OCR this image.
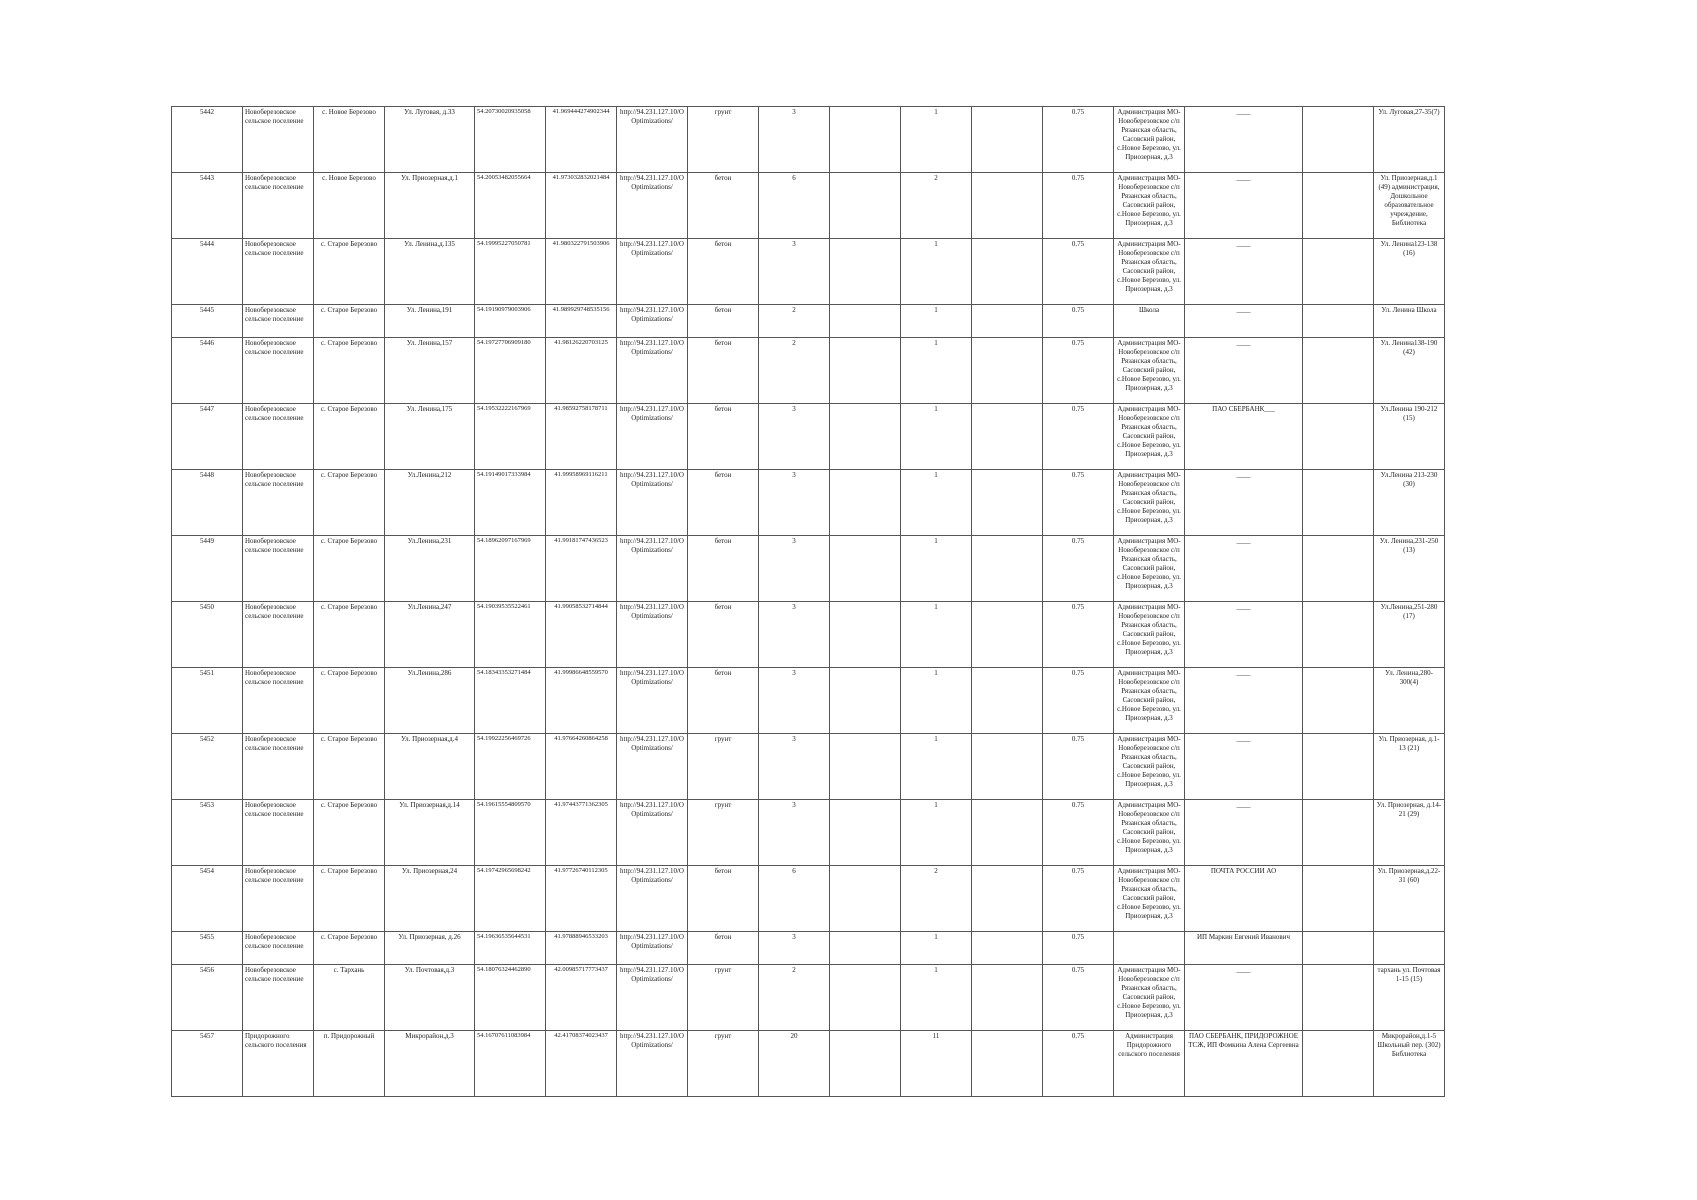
5442	Новоберезовское сельское поселение	с. Новое Березово	Ул. Луговая, д.33	54.20730020935058	41.969444274902344	http://94.231.127.10/OOptimizations/	грунт	3		1		0.75	Администрация МО-Новоберезовское с/п Рязанская область, Сасовский район, с.Новое Березово, ул. Приозерная, д.3	____		Ул. Луговая,27-35(7)
5443	Новоберезовское сельское поселение	с. Новое Березово	Ул. Приозерная,д.1	54.20053482055664	41.973032832021484	http://94.231.127.10/OOptimizations/	бетон	6		2		0.75	Администрация МО-Новоберезовское с/п Рязанская область, Сасовский район, с.Новое Березово, ул. Приозерная, д.3	____		Ул. Приозерная,д.1 (49) администрация, Дошкольное образовательное учреждение, Библиотека
5444	Новоберезовское сельское поселение	с. Старое Березово	Ул. Ленина,д.135	54.19995227050781	41.980322791503906	http://94.231.127.10/OOptimizations/	бетон	3		1		0.75	Администрация МО-Новоберезовское с/п Рязанская область, Сасовский район, с.Новое Березово, ул. Приозерная, д.3	____		Ул. Ленина123-138 (16)
5445	Новоберезовское сельское поселение	с. Старое Березово	Ул. Ленина,191	54.19190979003906	41.989929748535156	http://94.231.127.10/OOptimizations/	бетон	2		1		0.75	Школа	____		Ул. Ленина Школа
5446	Новоберезовское сельское поселение	с. Старое Березово	Ул. Ленина,157	54.19727706909180	41.98126220703125	http://94.231.127.10/OOptimizations/	бетон	2		1		0.75	Администрация МО-Новоберезовское с/п Рязанская область, Сасовский район, с.Новое Березово, ул. Приозерная, д.3	____		Ул. Ленина138-190 (42)
5447	Новоберезовское сельское поселение	с. Старое Березово	Ул. Ленина,175	54.19532222167969	41.98592758178711	http://94.231.127.10/OOptimizations/	бетон	3		1		0.75	Администрация МО-Новоберезовское с/п Рязанская область, Сасовский район, с.Новое Березово, ул. Приозерная, д.3	ПАО СБЕРБАНК___		Ул.Ленина 190-212 (15)
5448	Новоберезовское сельское поселение	с. Старое Березово	Ул.Ленина,212	54.19149017333984	41.99958969116211	http://94.231.127.10/OOptimizations/	бетон	3		1		0.75	Администрация МО-Новоберезовское с/п Рязанская область, Сасовский район, с.Новое Березово, ул. Приозерная, д.3	____		Ул.Ленина 213-230 (30)
5449	Новоберезовское сельское поселение	с. Старое Березово	Ул.Ленина,231	54.18962097167969	41.99181747436523	http://94.231.127.10/OOptimizations/	бетон	3		1		0.75	Администрация МО-Новоберезовское с/п Рязанская область, Сасовский район, с.Новое Березово, ул. Приозерная, д.3	____		Ул. Ленина,231-250 (13)
5450	Новоберезовское сельское поселение	с. Старое Березово	Ул.Ленина,247	54.19039535522461	41.99058532714844	http://94.231.127.10/OOptimizations/	бетон	3		1		0.75	Администрация МО-Новоберезовское с/п Рязанская область, Сасовский район, с.Новое Березово, ул. Приозерная, д.3	____		Ул.Ленина,251-280 (17)
5451	Новоберезовское сельское поселение	с. Старое Березово	Ул.Ленина,286	54.18343353271484	41.99986648559570	http://94.231.127.10/OOptimizations/	бетон	3		1		0.75	Администрация МО-Новоберезовское с/п Рязанская область, Сасовский район, с.Новое Березово, ул. Приозерная, д.3	____		Ул. Ленина,280-300(4)
5452	Новоберезовское сельское поселение	с. Старое Березово	Ул. Приозерная,д.4	54.19922256469726	41.97664260864258	http://94.231.127.10/OOptimizations/	грунт	3		1		0.75	Администрация МО-Новоберезовское с/п Рязанская область, Сасовский район, с.Новое Березово, ул. Приозерная, д.3	____		Ул. Приозерная, д.1-13 (21)
5453	Новоберезовское сельское поселение	с. Старое Березово	Ул. Приозерная,д.14	54.19615554809570	41.97443771362305	http://94.231.127.10/OOptimizations/	грунт	3		1		0.75	Администрация МО-Новоберезовское с/п Рязанская область, Сасовский район, с.Новое Березово, ул. Приозерная, д.3	____		Ул. Приозерная, д.14-21 (29)
5454	Новоберезовское сельское поселение	с. Старое Березово	Ул. Приозерная,24	54.19742965698242	41.97726740112305	http://94.231.127.10/OOptimizations/	бетон	6		2		0.75	Администрация МО-Новоберезовское с/п Рязанская область, Сасовский район, с.Новое Березово, ул. Приозерная, д.3	ПОЧТА РОССИИ АО		Ул. Приозерная,д.22-31 (60)
5455	Новоберезовское сельское поселение	с. Старое Березово	Ул. Приозерная, д.26	54.19636535644531	41.97888946533203	http://94.231.127.10/OOptimizations/	бетон	3		1		0.75		ИП Маркин Евгений Иванович		
5456	Новоберезовское сельское поселение	с. Тархань	Ул. Почтовая,д.3	54.18076324462890	42.00985717773437	http://94.231.127.10/OOptimizations/	грунт	2		1		0.75	Администрация МО-Новоберезовское с/п Рязанская область, Сасовский район, с.Новое Березово, ул. Приозерная, д.3	____		тархань ул. Почтовая 1-15 (15)
5457	Придорожного сельского поселения	п. Придорожный	Микрорайон,д.3	54.16707611083984	42.41708374023437	http://94.231.127.10/OOptimizations/	грунт	20		11		0.75	Администрация Придорожного сельского поселения	ПАО СБЕРБАНК, ПРИДОРОЖНОЕ ТСЖ, ИП Фомкина Алена Сергеевна		Микрорайон,д.1-5 Школьный пер. (302) Библиотека
